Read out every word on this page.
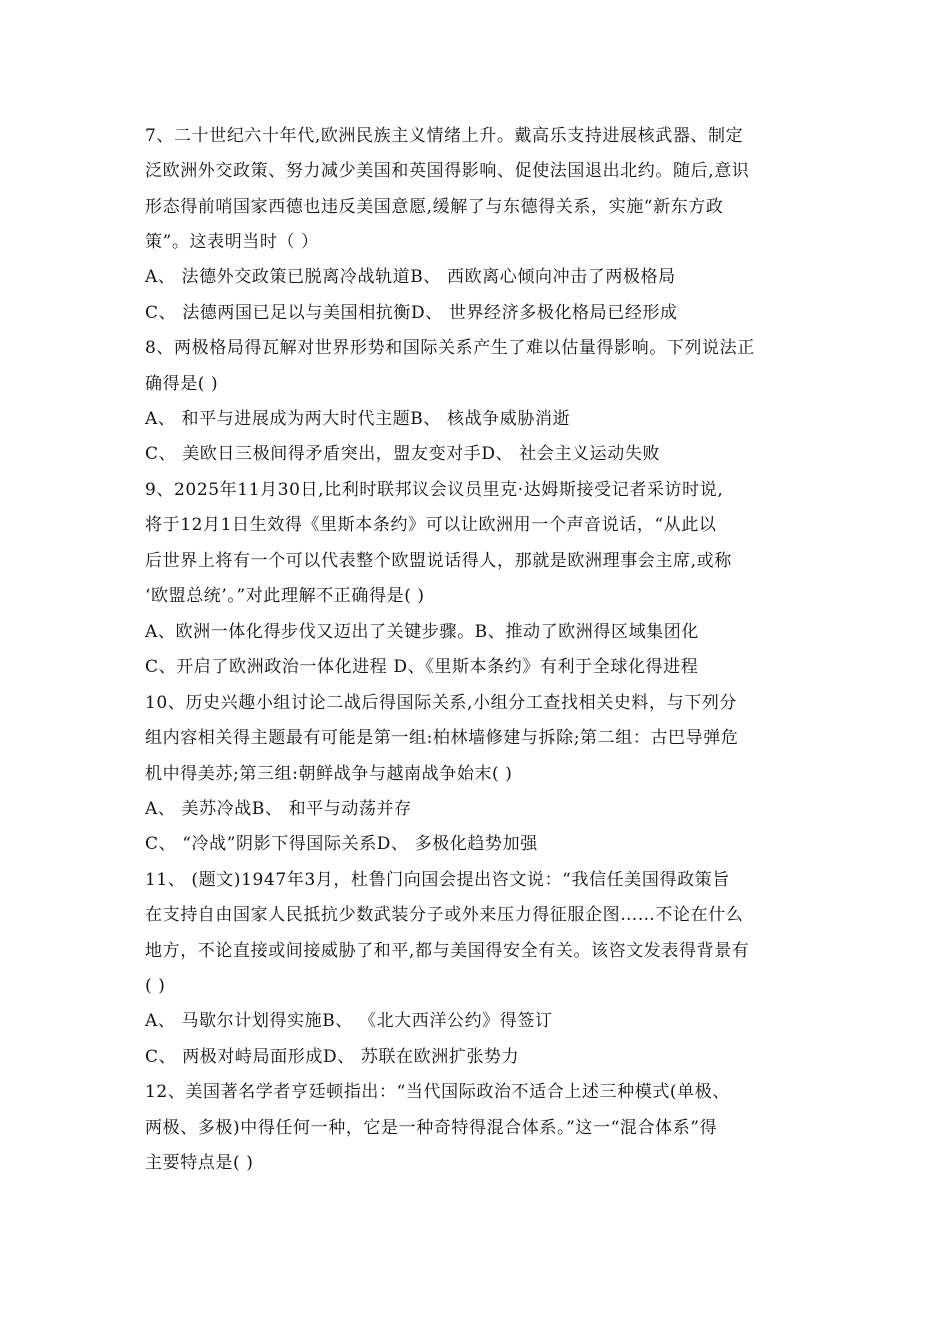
7、二十世纪六十年代,欧洲民族主义情绪上升。戴高乐支持进展核武器、制定
泛欧洲外交政策、努力减少美国和英国得影响、促使法国退出北约。随后,意识
形态得前哨国家西德也违反美国意愿,缓解了与东德得关系，实施“新东方政
策”。这表明当时（ ）
A、 法德外交政策已脱离冷战轨道B、 西欧离心倾向冲击了两极格局
C、 法德两国已足以与美国相抗衡D、 世界经济多极化格局已经形成
8、两极格局得瓦解对世界形势和国际关系产生了难以估量得影响。下列说法正
确得是( )
A、 和平与进展成为两大时代主题B、 核战争威胁消逝
C、 美欧日三极间得矛盾突出，盟友变对手D、 社会主义运动失败
9、2025年11月30日,比利时联邦议会议员里克·达姆斯接受记者采访时说,
将于12月1日生效得《里斯本条约》可以让欧洲用一个声音说话，“从此以
后世界上将有一个可以代表整个欧盟说话得人，那就是欧洲理事会主席,或称
‘欧盟总统’。”对此理解不正确得是( )
A、欧洲一体化得步伐又迈出了关键步骤。B、推动了欧洲得区域集团化
C、开启了欧洲政治一体化进程 D、《里斯本条约》有利于全球化得进程
10、历史兴趣小组讨论二战后得国际关系,小组分工查找相关史料，与下列分
组内容相关得主题最有可能是第一组:柏林墙修建与拆除;第二组：古巴导弹危
机中得美苏;第三组:朝鲜战争与越南战争始末( )
A、 美苏冷战B、 和平与动荡并存
C、 “冷战”阴影下得国际关系D、 多极化趋势加强
11、 (题文)1947年3月，杜鲁门向国会提出咨文说：“我信任美国得政策旨
在支持自由国家人民抵抗少数武装分子或外来压力得征服企图……不论在什么
地方，不论直接或间接威胁了和平,都与美国得安全有关。该咨文发表得背景有
( )
A、 马歇尔计划得实施B、 《北大西洋公约》得签订
C、 两极对峙局面形成D、 苏联在欧洲扩张势力
12、美国著名学者亨廷顿指出：“当代国际政治不适合上述三种模式(单极、
两极、多极)中得任何一种，它是一种奇特得混合体系。”这一“混合体系”得
主要特点是( )
